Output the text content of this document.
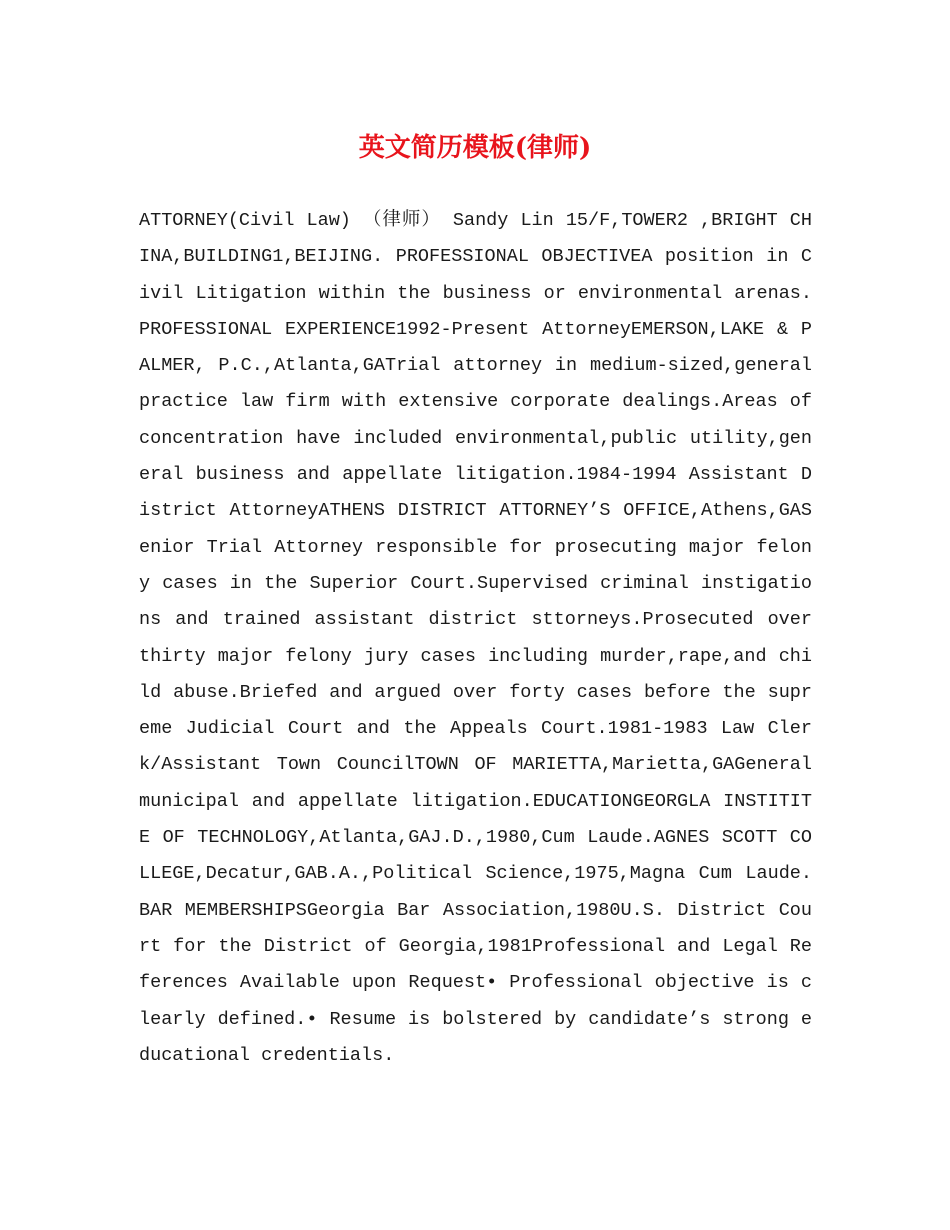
英文简历模板(律师)

ATTORNEY(Civil Law) （律师） Sandy Lin 15/F,TOWER2 ,BRIGHT CHINA,BUILDING1,BEIJING. PROFESSIONAL OBJECTIVEA position in Civil Litigation within the business or environmental arenas.PROFESSIONAL EXPERIENCE1992-Present AttorneyEMERSON,LAKE & PALMER, P.C.,Atlanta,GATrial attorney in medium-sized,general practice law firm with extensive corporate dealings.Areas of concentration have included environmental,public utility,general business and appellate litigation.1984-1994 Assistant District AttorneyATHENS DISTRICT ATTORNEY’S OFFICE,Athens,GASenior Trial Attorney responsible for prosecuting major felony cases in the Superior Court.Supervised criminal instigations and trained assistant district sttorneys.Prosecuted over thirty major felony jury cases including murder,rape,and child abuse.Briefed and argued over forty cases before the supreme Judicial Court and the Appeals Court.1981-1983 Law Clerk/Assistant Town CouncilTOWN OF MARIETTA,Marietta,GAGeneral municipal and appellate litigation.EDUCATIONGEORGLA INSTITITE OF TECHNOLOGY,Atlanta,GAJ.D.,1980,Cum Laude.AGNES SCOTT COLLEGE,Decatur,GAB.A.,Political Science,1975,Magna Cum Laude.BAR MEMBERSHIPSGeorgia Bar Association,1980U.S. District Court for the District of Georgia,1981Professional and Legal References Available upon Request• Professional objective is clearly defined.• Resume is bolstered by candidate’s strong educational credentials.
